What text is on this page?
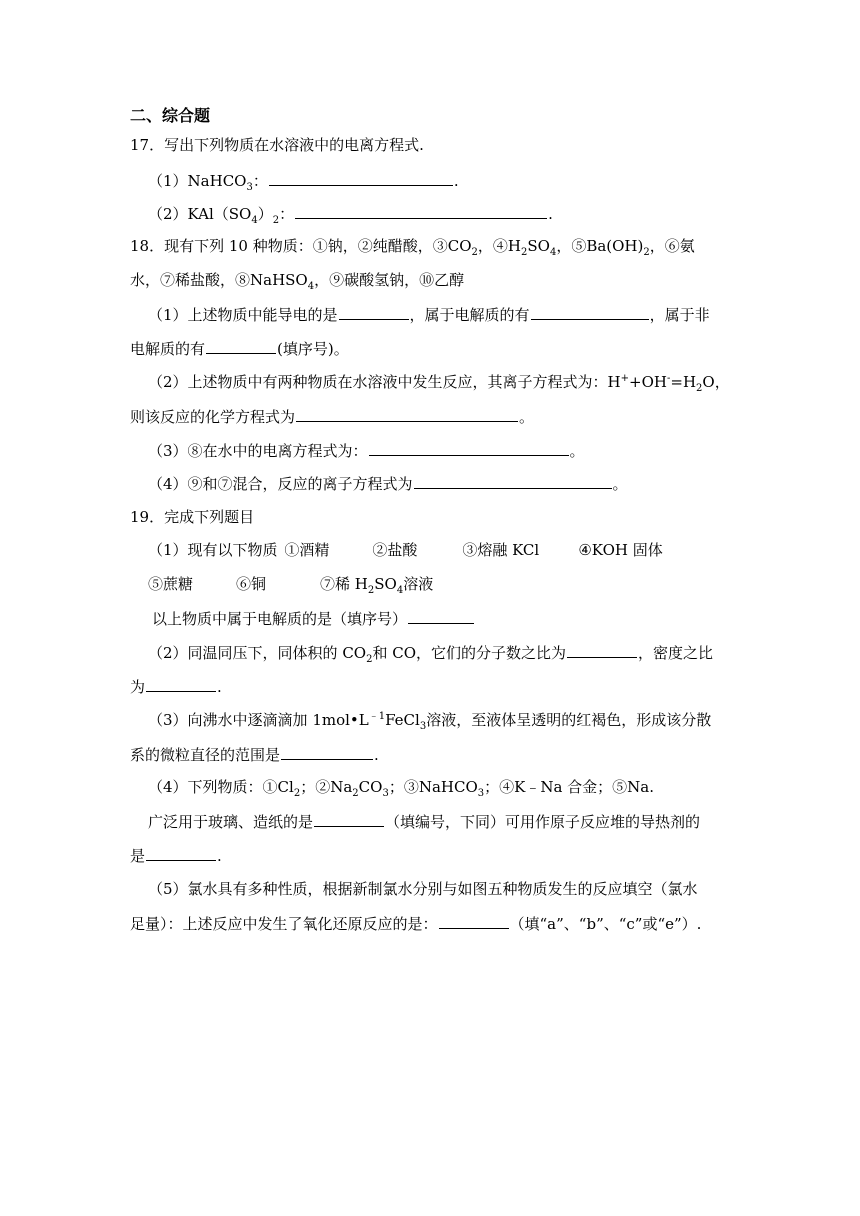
二、综合题
17．写出下列物质在水溶液中的电离方程式.
（1）NaHCO$_3$：	.
$(2)KAl(SO_4)_2$：	.
18．现有下列 10 种物质：①钠，②纯醋酸，$③CO_2$，$④H_2SO_4$，$⑤Ba(OH)_2$，⑥氨
水，⑦稀盐酸，⑧NaHSO$_4$，⑨碳酸氢钠，⑩乙醇
（1）上述物质中能导电的是	，属于电解质的有	，属于非
电解质的有	(填序号)。
（2）上述物质中有两种物质在水溶液中发生反应，其离子方程式为：$H^++OH^-=H_2O$，
则该反应的化学方程式为	。
（3）⑧在水中的电离方程式为：	。
（4）⑨和⑦混合，反应的离子方程式为	。
19．完成下列题目
（1）现有以下物质 ①酒精	②盐酸	③熔融 KCl	④KOH 固体
⑤蔗糖	⑥铜	⑦稀 $H_2SO_4$溶液
以上物质中属于电解质的是（填序号）
（2）同温同压下，同体积的 $CO_2$和 CO，它们的分子数之比为	，密度之比
为	.
（3）向沸水中逐滴滴加 $1mol•L^{﹣1}FeCl_3$溶液，至液体呈透明的红褐色，形成该分散
系的微粒直径的范围是	.
（4）下列物质：$①Cl_2$；$②Na_2CO_3$；③NaHCO$_3$；④K﹣Na 合金；⑤Na.
广泛用于玻璃、造纸的是	（填编号，下同）可用作原子反应堆的导热剂的
是	.
（5）氯水具有多种性质，根据新制氯水分别与如图五种物质发生的反应填空（氯水
足量）：上述反应中发生了氧化还原反应的是：	（填“a”、“b”、“c”或“e”）.
